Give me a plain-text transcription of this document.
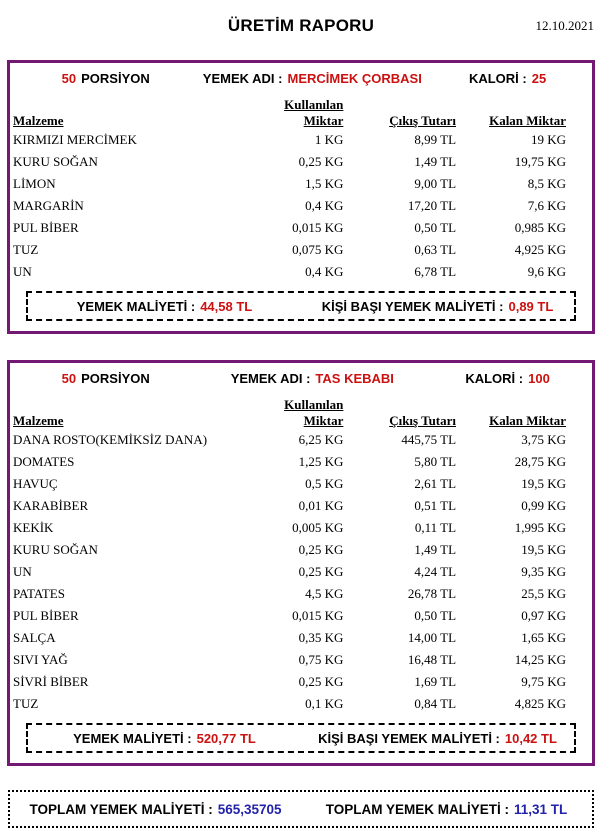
12.10.2021
ÜRETİM RAPORU
50 PORSİYON	YEMEK ADI : MERCİMEK ÇORBASI	KALORİ : 25
Malzeme	Kullanılan Miktar	Çıkış Tutarı	Kalan Miktar
KIRMIZI MERCİMEK	1 KG	8,99 TL	19 KG
KURU SOĞAN	0,25 KG	1,49 TL	19,75 KG
LİMON	1,5 KG	9,00 TL	8,5 KG
MARGARİN	0,4 KG	17,20 TL	7,6 KG
PUL BİBER	0,015 KG	0,50 TL	0,985 KG
TUZ	0,075 KG	0,63 TL	4,925 KG
UN	0,4 KG	6,78 TL	9,6 KG
YEMEK MALİYETİ : 44,58 TL	KİŞİ BAŞI YEMEK MALİYETİ : 0,89 TL
50 PORSİYON	YEMEK ADI : TAS KEBABI	KALORİ : 100
Malzeme	Kullanılan Miktar	Çıkış Tutarı	Kalan Miktar
DANA ROSTO(KEMİKSİZ DANA)	6,25 KG	445,75 TL	3,75 KG
DOMATES	1,25 KG	5,80 TL	28,75 KG
HAVUÇ	0,5 KG	2,61 TL	19,5 KG
KARABİBER	0,01 KG	0,51 TL	0,99 KG
KEKİK	0,005 KG	0,11 TL	1,995 KG
KURU SOĞAN	0,25 KG	1,49 TL	19,5 KG
UN	0,25 KG	4,24 TL	9,35 KG
PATATES	4,5 KG	26,78 TL	25,5 KG
PUL BİBER	0,015 KG	0,50 TL	0,97 KG
SALÇA	0,35 KG	14,00 TL	1,65 KG
SIVI YAĞ	0,75 KG	16,48 TL	14,25 KG
SİVRİ BİBER	0,25 KG	1,69 TL	9,75 KG
TUZ	0,1 KG	0,84 TL	4,825 KG
YEMEK MALİYETİ : 520,77 TL	KİŞİ BAŞI YEMEK MALİYETİ : 10,42 TL
TOPLAM YEMEK MALİYETİ : 565,35705	TOPLAM YEMEK MALİYETİ : 11,31 TL
